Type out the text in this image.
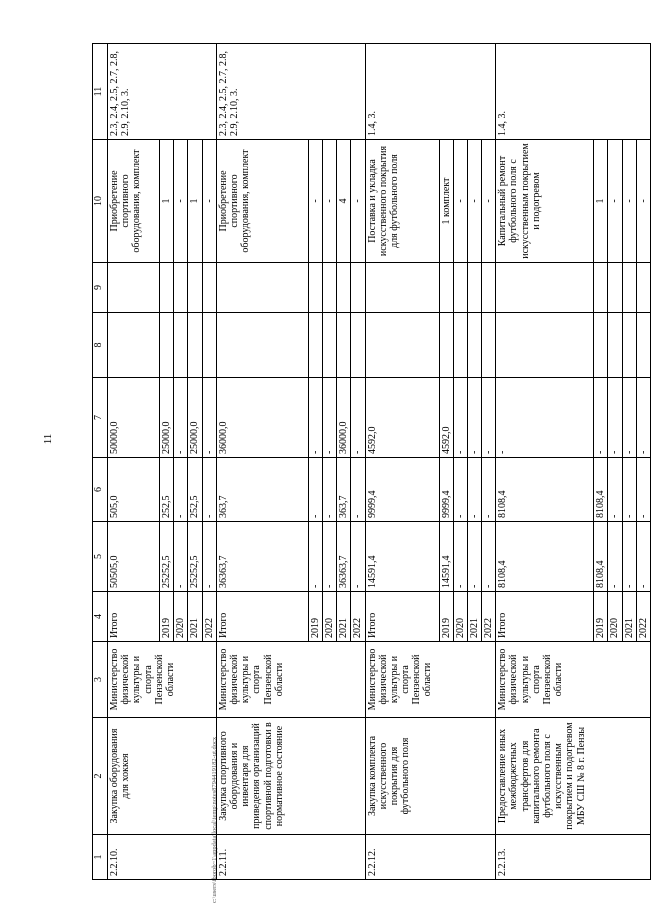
11
c:\users\iborob~1\appdata\local\temp\notes8794419182-ut.docx
1	2	3	4	5	6	7	8	9	10	11
2.2.10.	Закупка оборудования для хоккея	Министерство физической культуры и спорта Пензенской области	Итого	50505,0	505,0	50000,0			Приобретение спортивного оборудования, комплект	2.3, 2.4, 2.5, 2.7, 2.8, 2.9, 2.10, 3.
			2019	25252,5	252,5	25000,0			1	
			2020	-	-	-			-	
			2021	25252,5	252,5	25000,0			1	
			2022	-	-	-			-	
2.2.11.	Закупка спортивного оборудования и инвентаря для приведения организаций спортивной подготовки в нормативное состояние	Министерство физической культуры и спорта Пензенской области	Итого	36363,7	363,7	36000,0			Приобретение спортивного оборудования, комплект	2.3, 2.4, 2.5, 2.7, 2.8, 2.9, 2.10, 3.
			2019	-	-	-			-	
			2020	-	-	-			-	
			2021	36363,7	363,7	36000,0			4	
			2022	-	-	-			-	
2.2.12.	Закупка комплекта искусственного покрытия для футбольного поля	Министерство физической культуры и спорта Пензенской области	Итого	14591,4	9999,4	4592,0			Поставка и укладка искусственного покрытия для футбольного поля	1.4, 3.
			2019	14591,4	9999,4	4592,0			1 комплект	
			2020	-	-	-			-	
			2021	-	-	-			-	
			2022	-	-	-			-	
2.2.13.	Предоставление иных межбюджетных трансфертов для капитального ремонта футбольного поля с искусственным покрытием и подогревом МБУ СШ № 8 г. Пензы	Министерство физической культуры и спорта Пензенской области	Итого	8108,4	8108,4	-			Капитальный ремонт футбольного поля с искусственным покрытием и подогревом	1.4, 3.
			2019	8108,4	8108,4	-			1	
			2020	-	-	-			-	
			2021	-	-	-			-	
			2022	-	-	-			-	
